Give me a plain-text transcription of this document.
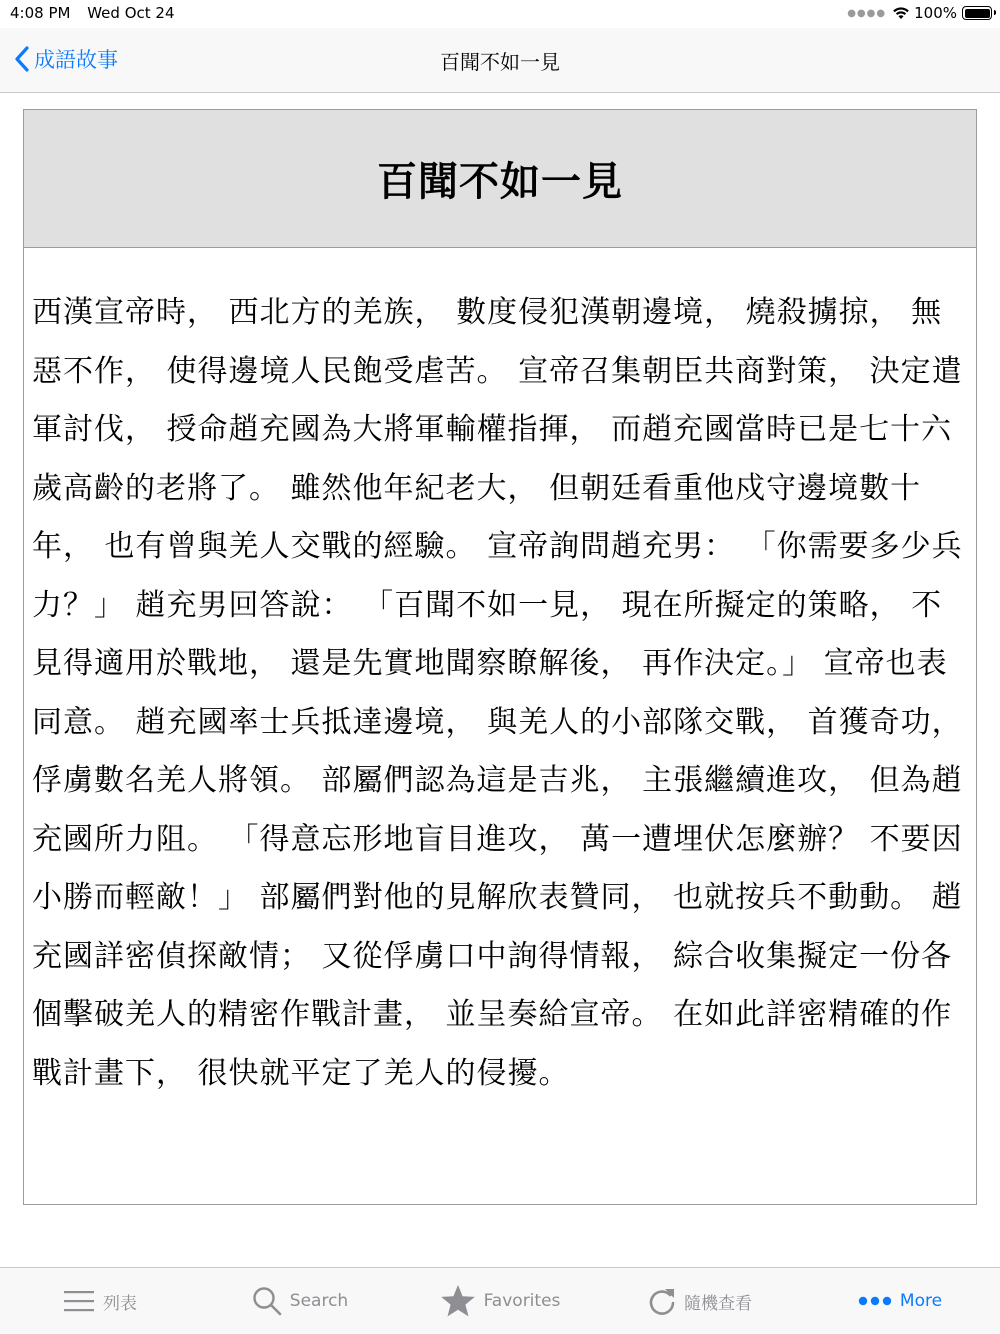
4:08 PM Wed Oct 24	●●●● 100%
成語故事	百聞不如一見
百聞不如一見
西漢宣帝時， 西北方的羌族， 數度侵犯漢朝邊境， 燒殺擄掠， 無惡不作， 使得邊境人民飽受虐苦。 宣帝召集朝臣共商對策， 決定遣軍討伐， 授命趙充國為大將軍輸權指揮， 而趙充國當時已是七十六歲高齡的老將了。 雖然他年紀老大， 但朝廷看重他戍守邊境數十年， 也有曾與羌人交戰的經驗。 宣帝詢問趙充男： 「你需要多少兵力？」 趙充男回答說： 「百聞不如一見， 現在所擬定的策略， 不見得適用於戰地， 還是先實地聞察瞭解後， 再作決定。」 宣帝也表同意。 趙充國率士兵抵達邊境， 與羌人的小部隊交戰， 首獲奇功， 俘虜數名羌人將領。 部屬們認為這是吉兆， 主張繼續進攻， 但為趙充國所力阻。 「得意忘形地盲目進攻， 萬一遭埋伏怎麼辦？ 不要因小勝而輕敵！」 部屬們對他的見解欣表贊同， 也就按兵不動動。 趙充國詳密偵探敵情； 又從俘虜口中詢得情報， 綜合收集擬定一份各個擊破羌人的精密作戰計畫， 並呈奏給宣帝。 在如此詳密精確的作戰計畫下， 很快就平定了羌人的侵擾。
列表	Search	Favorites	隨機查看	More
